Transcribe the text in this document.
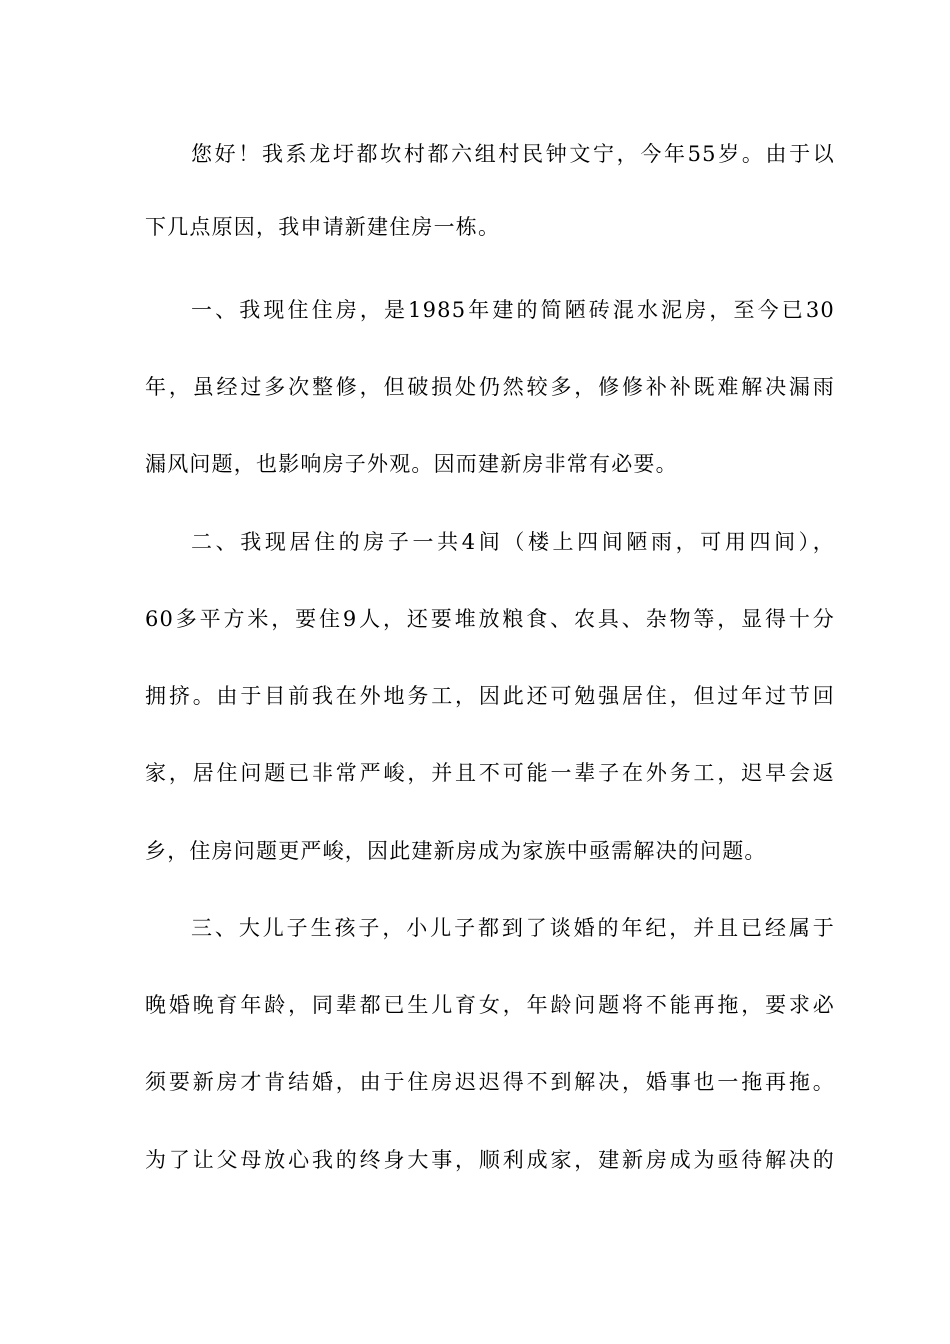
您好！我系龙圩都坎村都六组村民钟文宁，今年55岁。由于以
下几点原因，我申请新建住房一栋。
一、我现住住房，是1985年建的简陋砖混水泥房，至今已30
年，虽经过多次整修，但破损处仍然较多，修修补补既难解决漏雨
漏风问题，也影响房子外观。因而建新房非常有必要。
二、我现居住的房子一共4间（楼上四间陋雨，可用四间），
60多平方米，要住9人，还要堆放粮食、农具、杂物等，显得十分
拥挤。由于目前我在外地务工，因此还可勉强居住，但过年过节回
家，居住问题已非常严峻，并且不可能一辈子在外务工，迟早会返
乡，住房问题更严峻，因此建新房成为家族中亟需解决的问题。
三、大儿子生孩子，小儿子都到了谈婚的年纪，并且已经属于
晚婚晚育年龄，同辈都已生儿育女，年龄问题将不能再拖，要求必
须要新房才肯结婚，由于住房迟迟得不到解决，婚事也一拖再拖。
为了让父母放心我的终身大事，顺利成家，建新房成为亟待解决的
